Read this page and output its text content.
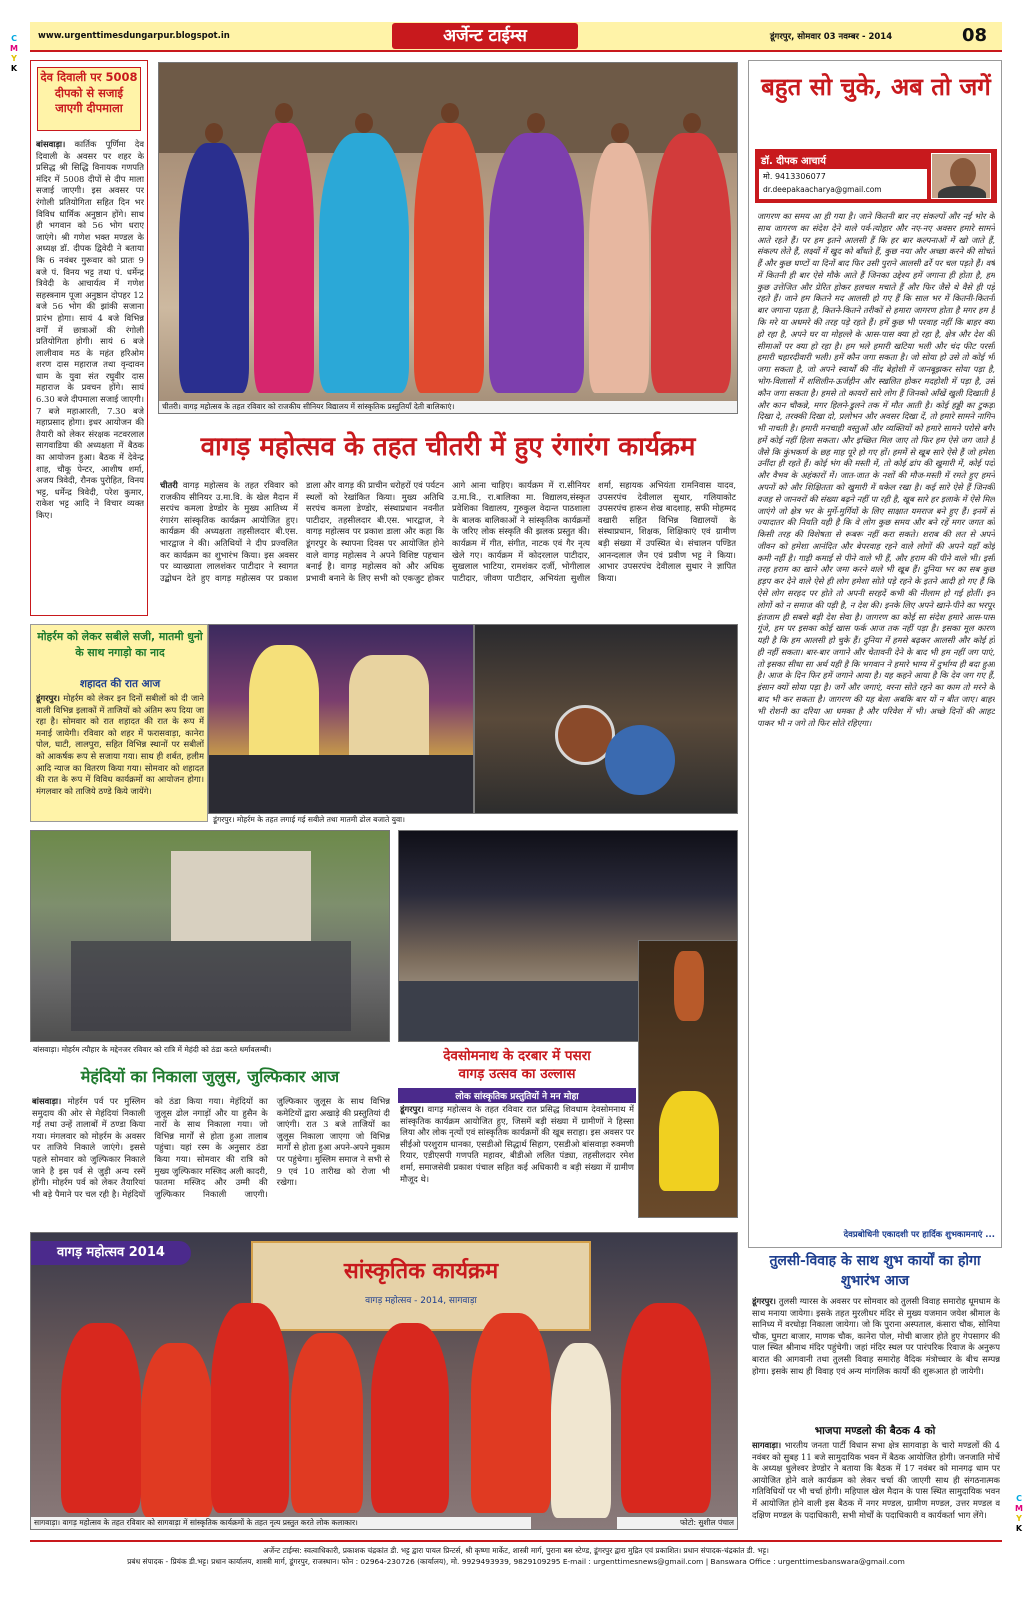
C
M
Y
K
C
M
Y
K
www.urgenttimesdungarpur.blogspot.in	अर्जेन्ट टाईम्स	डूंगरपुर, सोमवार 03 नवम्बर - 2014	08
देव दिवाली पर 5008 दीपको से सजाई जाएगी दीपमाला
बांसवाड़ा। कार्तिक पूर्णिमा देव दिवाली के अवसर पर शहर के प्रसिद्ध श्री सिद्धि विनायक गणपति मंदिर में 5008 दीपों से दीप माला सजाई जाएगी। इस अवसर पर रंगोली प्रतियोगिता सहित दिन भर विविध धार्मिक अनुष्ठान होंगे। साथ ही भगवान को 56 भोग धराए जाएंगे। श्री गणेश भक्त मण्डल के अध्यक्ष डॉ. दीपक द्विवेदी ने बताया कि 6 नवंबर गुरूवार को प्रातः 9 बजे पं. विनय भट्ट तथा पं. धर्मेन्द्र त्रिवेदी के आचार्यत्व में गणेश सहस्त्रनाम पूजा अनुष्ठान दोपहर 12 बजे 56 भोग की झांकी सजाना प्रारंभ होगा। सायं 4 बजे विभिन्न वर्गों में छात्राओं की रंगोली प्रतियोगिता होगी। सायं 6 बजे लालीवाव मठ के महंत हरिओम शरण दास महाराज तथा वृन्दावन धाम के युवा संत रघुवीर दास महाराज के प्रवचन होंगे। सायं 6.30 बजे दीपमाला सजाई जाएगी। 7 बजे महाआरती, 7.30 बजे महाप्रसाद होगा। इधर आयोजन की तैयारी को लेकर संरक्षक नटवरलाल सागवाडिया की अध्यक्षता में बैठक का आयोजन हुआ। बैठक में देवेन्द्र शाह, चौकू पेन्टर, आशीष शर्मा, अजय त्रिवेदी, रौनक पुरोहित, विनय भट्ट, धर्मेन्द्र त्रिवेदी, परेश कुमार, राकेश भट्ट आदि ने विचार व्यक्त किए।
चीतरी। वागड़ महोत्सव के तहत रविवार को राजकीय सीनियर विद्यालय में सांस्कृतिक प्रस्तुतियॉं देती बालिकाएं।
वागड़ महोत्सव के तहत चीतरी में हुए रंगारंग कार्यक्रम
चीतरी वागड़ महोत्सव के तहत रविवार को राजकीय सीनियर उ.मा.वि. के खेल मैदान में सरपंच कमला डेण्डोर के मुख्य आतिथ्य में रंगारंग सांस्कृतिक कार्यक्रम आयोजित हुए। कार्यक्रम की अध्यक्षता तहसीलदार बी.एस. भारद्वाज ने की। अतिथियों ने दीप प्रज्वलित कर कार्यक्रम का शुभारंभ किया। इस अवसर पर व्याख्याता लालशंकर पाटीदार ने स्वागत उद्बोधन देते हुए वागड़ महोत्सव पर प्रकाश डाला और वागड़ की प्राचीन धरोहरों एवं पर्यटन स्थलों को रेखांकित किया। मुख्य अतिथि सरपंच कमला डेण्डोर, संस्थाप्रधान नवनीत पाटीदार, तहसीलदार बी.एस. भारद्वाज, ने वागड़ महोत्सव पर प्रकाश डाला और कहा कि डूंगरपुर के स्थापना दिवस पर आयोजित होने वाले वागड़ महोत्सव ने अपने विशिष्ट पहचान बनाई है। वागड़ महोत्सव को और अधिक प्रभावी बनाने के लिए सभी को एकजुट होकर आगे आना चाहिए। कार्यक्रम में रा.सीनियर उ.मा.वि., रा.बालिका मा. विद्यालय,संस्कृत प्रवेशिका विद्यालय, गुरुकुल वेदान्त पाठशाला के बालक बालिकाओं ने सांस्कृतिक कार्यक्रमों के जरिए लोक संस्कृति की झलक प्रस्तुत की। कार्यक्रम में गीत, संगीत, नाटक एवं गैर नृत्य खेले गए। कार्यक्रम में कोदरलाल पाटीदार, सुखलाल भाटिया, रामशंकर दर्जी, भोगीलाल पाटीदार, जीवण पाटीदार, अभियंता सुशील शर्मा, सहायक अभियंता रामनिवास यादव, उपसरपंच देवीलाल सुथार, गलियाकोट उपसरपंच हारून शेख बादशाह, सफी मोहम्मद वखारी सहित विभिन्न विद्यालयों के संस्थाप्रधान, शिक्षक, शिक्षिकाएं एवं ग्रामीण बड़ी संख्या में उपस्थित थे। संचालन पण्डित आनन्दलाल जैन एवं प्रवीण भट्ट ने किया। आभार उपसरपंच देवीलाल सुथार ने ज्ञापित किया।
बहुत सो चुके, अब तो जगें
डॉ. दीपक आचार्य
मो. 9413306077
dr.deepakaacharya@gmail.com
जागरण का समय आ ही गया है। जाने कितनी बार नए संकल्पों और नई भोर के साथ जागरण का संदेश देने वाले पर्व-त्योहार और नए-नए अवसर हमारे सामने आते रहते हैं। पर हम इतने आलसी हैं कि हर बार कल्पनाओं में खो जाते हैं, संकल्प लेते हैं, लक्ष्यों में खुद को बाँधते हैं, कुछ नया और अच्छा करने की सोचते हैं और कुछ घण्टों या दिनों बाद फिर उसी पुराने आलसी ढर्रे पर चल पड़ते हैं। वर्ष में कितनी ही बार ऐसे मौके आते हैं जिनका उद्देश्य हमें जगाना ही होता है, हम कुछ उत्तेजित और प्रेरित होकर हलचल मचाते हैं और फिर जैसे थे वैसे ही पड़े रहते हैं। जाने हम कितने मद आलसी हो गए हैं कि साल भर में कितनी-कितनी बार जगाना पड़ता है, कितने-कितने तरीकों से हमारा जागरण होता है मगर हम हैं कि मरे या अधमरे की तरह पड़े रहते हैं। हमें कुछ भी परवाह नहीं कि बाहर क्या हो रहा है, अपने घर या मोहल्ले के आस-पास क्या हो रहा है, क्षेत्र और देश की सीमाओं पर क्या हो रहा है। हम भले हमारी खटिया भली और चंद फीट परसी हमारी चहारदीवारी भली। हमें कौन जगा सकता है। जो सोया हो उसे तो कोई भी जगा सकता है, जो अपने स्वार्थों की नींद बेहोशी में जानबूझकर सोया पड़ा है, भोग-विलासों में शशिलीन-ऊर्जहीन और स्खलित होकर मदहोशी में पड़ा है, उसे कौन जगा सकता है। हमसे तो कायरों सारे लोग हैं जिनको आँखें खुली दिखाती हैं और कान चौकन्ने, मगर हिलने-डुलने तक में मौत आती है। कोई हड्डी का टुकड़ा दिखा दे, तरक्की दिखा दो, प्रलोभन और अवसर दिखा दें, तो हमारे सामने नागिन भी नाचती है। हमारी मनचाही वस्तुओं और व्यक्तियों को हमारे सामने परोसे बगैर हमें कोई नहीं हिला सकता। और इच्छित मिल जाए तो फिर हम ऐसे जग जाते हैं जैसे कि कुंभकर्ण के छह माह पूरे हो गए हों। हममें से खूब सारे ऐसे हैं जो हमेशा उनींदा ही रहते हैं। कोई भंग की मस्ती में, तो कोई ढांप की खुमारी में, कोई पदों और वैभव के अहंकारों में। जात-जात के नशों की मौज-मस्ती में रमते हुए हमने अपनों को और शिक्षितता को खुमारी में धकेल रखा है। कई सारे ऐसे हैं जिनकी वजह से जानवरों की संख्या बढ़ने नहीं पा रही है, खूब सारे हर इलाके में ऐसे मिल जाएंगे जो क्षेत्र भर के मुर्गे-मुर्गियों के लिए साक्षात यमराज बने हुए हैं। इनमें से ज्यादातर की नियति यही है कि वे लोग कुछ समय और बने रहें मगर जगत को किसी तरह की विशेषता से रूबरू नहीं करा सकते। शराब की लत से अपने जीवन को हमेशा आनंदित और बेपरवाह रहने वाले लोगों की अपने यहाँ कोई कमी नहीं है। गाड़ी कमाई से पीने वाले भी हैं, और हराम की पीने वाले भी। इसी तरह हराम का खाने और जमा करने वाले भी खूब हैं। दुनिया भर का सब कुछ हड़प कर देने वाले ऐसे ही लोग हमेशा सोते पड़े रहने के इतने आदी हो गए हैं कि ऐसे लोग सरहद पर होते तो अपनी सरहदें कभी की नीलाम हो गई होतीं। इन लोगों को न समाज की पड़ी है, न देश की। इनके लिए अपने खाने-पीने का भरपूर इंतजाम ही सबसे बड़ी देश सेवा है। जागरण का कोई सा संदेश हमारे आस-पास गूंजे, हम पर इसका कोई खास फर्क आज तक नहीं पड़ा है। इसका मूल कारण यही है कि हम आलसी हो चुके हैं। दुनिया में हमसे बढ़कर आलसी और कोई हो ही नहीं सकता। बार-बार जगाने और चेतावनी देने के बाद भी हम नहीं जग पाएं, तो इसका सीधा सा अर्थ यही है कि भगवान ने हमारे भाग्य में दुर्भाग्य ही बदा हुआ है। आज के दिन फिर हमें जगाने आया है। यह कहने आया है कि देव जग गए हैं, इंसान क्यों सोया पड़ा है। जगें और जगाएं, वरना सोते रहने का काम तो मरने के बाद भी कर सकता है। जागरण की यह बेला अबकि बार यों न बीत जाए। बाहर भी रोशनी का दरिया आ धमका है और परिवेश में भी। अच्छे दिनों की आहट पाकर भी न जगे तो फिर सोते रहिएगा।
देवप्रबोधिनी एकादशी पर हार्दिक शुभकामनाएं ...
मोहर्रम को लेकर सबीले सजी, मातमी धुनो के साथ नगाड़ो का नाद
शहादत की रात आज
डूंगरपुर। मोहर्रम को लेकर इन दिनों सबीलों को दी जाने वाली विभिन्न इलाकों में ताजियों को अंतिम रूप दिया जा रहा है। सोमवार को रात शहादत की रात के रूप में मनाई जायेगी। रविवार को शहर में फरासवाड़ा, कानेरा पोल, घाटी, लालपुरा, सहित विभिन्न स्थानों पर सबीलों को आकर्षक रूप से सजाया गया। साथ ही शर्बत, हलीम आदि न्याज का वितरण किया गया। सोमवार को शहादत की रात के रूप में विविध कार्यक्रमों का आयोजन होगा। मंगलवार को ताजिये ठण्डे किये जायेंगे।
डूंगरपुर। मोहर्रम के तहत लगाई गई सबीले तथा मातमी ढोल बजाते युवा।
बांसवाड़ा। मोहर्रम त्यौहार के मद्देनजर रविवार को रात्रि में मेहंदी को ठंडा करते धर्मावलम्बी।
मेहंदियों का निकाला जुलुस, जुल्फिकार आज
बांसवाड़ा। मोहर्रम पर्व पर मुस्लिम समुदाय की ओर से मेहंदियां निकाली गई तथा उन्हें तालाबों में ठण्डा किया गया। मंगलवार को मोहर्रम के अवसर पर ताजिये निकाले जाएंगे। इससे पहले सोमवार को जुल्फिकार निकाले जाने है इस पर्व से जुड़ी अन्य रस्में होंगी। मोहर्रम पर्व को लेकर तैयारियां भी बड़े पैमाने पर चल रही है। मेहंदियों को ठंडा किया गया। मेहंदियों का जुलूस ढोल नगाड़ों और या हुसैन के नारों के साथ निकाला गया। जो विभिन्न मार्गों से होता हुआ तालाब पहुंचा। यहां रस्म के अनुसार ठंडा किया गया। सोमवार की रात्रि को मुख्य जुल्फिकार मस्जिद अली कादरी, फातमा मस्जिद और उम्मी की जुल्फिकार निकाली जाएगी। जुल्फिकार जुलूस के साथ विभिन्न कमेटियों द्वारा अखाड़े की प्रस्तुतियां दी जाएंगी। रात 3 बजे ताजियों का जुलूस निकाला जाएगा जो विभिन्न मार्गों से होता हुआ अपने-अपने मुकाम पर पहुंचेगा। मुस्लिम समाज ने सभी से 9 एवं 10 तारीख को रोजा भी रखेगा।
देवसोमनाथ के दरबार में पसरा
वागड़ उत्सव का उल्लास
लोक सांस्कृतिक प्रस्तुतियों ने मन मोहा
डूंगरपुर। वागड़ महोत्सव के तहत रविवार रात प्रसिद्ध शिवधाम देवसोमनाथ में सांस्कृतिक कार्यक्रम आयोजित हुए, जिसमें बड़ी संख्या में ग्रामीणों ने हिस्सा लिया और लोक नृत्यों एवं सांस्कृतिक कार्यक्रमों की खूब सराहा। इस अवसर पर सीईओ परशुराम धानका, एसडीओ सिद्धार्थ सिहाग, एसडीओ बांसवाड़ा रुक्मणी रियार, एडीएसपी गणपति महावर, बीडीओ ललित पंड्या, तहसीलदार रमेश शर्मा, समाजसेवी प्रकाश पंचाल सहित कई अधिकारी व बड़ी संख्या में ग्रामीण मौजूद थे।
सांस्कृतिक कार्यक्रम
वागड़ महोत्सव - 2014, सागवाड़ा
वागड़ महोत्सव 2014
सागवाड़ा। वागड़ महोत्सव के तहत रविवार को सागवाड़ा में सांस्कृतिक कार्यक्रमों के तहत नृत्य प्रस्तुत करते लोक कलाकार।	फोटो: सुशील पंचाल
तुलसी-विवाह के साथ शुभ कार्यों का होगा शुभारंभ आज
डूंगरपुर। तुलसी ग्यारस के अवसर पर सोमवार को तुलसी विवाह समारोह धूमधाम के साथ मनाया जायेगा। इसके तहत मुरलीधर मंदिर से मुख्य यजमान जयेश श्रीमाल के सानिध्य में वरघोड़ा निकाला जायेगा। जो कि पुराना अस्पताल, कंसारा चौक, सोनिया चौक, घुमटा बाजार, माणक चौक, कानेरा पोल, मोची बाजार होते हुए गेपसागर की पाल स्थित श्रीनाथ मंदिर पहुंचेगी। जहां मंदिर स्थल पर पारंपरिक रिवाज के अनुरूप बारात की आगवानी तथा तुलसी विवाह समारोह वैदिक मंत्रोच्चार के बीच सम्पन्न होगा। इसके साथ ही विवाह एवं अन्य मांगलिक कार्यों की शुरूआत हो जायेगी।
भाजपा मण्डलो की बैठक 4 को
सागवाड़ा। भारतीय जनता पार्टी विधान सभा क्षेत्र सागवाड़ा के चारो मण्डलों की 4 नवंबर को सुबह 11 बजे सामुदायिक भवन में बैठक आयोजित होगी। जनजाति मोर्चे के अध्यक्ष धुलेश्वर डेण्डोर ने बताया कि बैठक में 17 नवंबर को मानगढ़ धाम पर आयोजित होने वाले कार्यक्रम को लेकर चर्चा की जाएगी साथ ही संगठनात्मक गतिविधियों पर भी चर्चा होगी। महिपाल खेल मैदान के पास स्थित सामुदायिक भवन में आयोजित होने वाली इस बैठक में नगर मण्डल, ग्रामीण मण्डल, उत्तर मण्डल व दक्षिण मण्डल के पदाधिकारी, सभी मोर्चों के पदाधिकारी व कार्यकर्ता भाग लेंगे।
अर्जेन्ट टाईम्स: स्वत्वाधिकारी, प्रकाशक चंद्रकांत डी. भट्ट द्वारा पायल प्रिन्टर्स, श्री कृष्णा मार्केट, शास्त्री मार्ग, पुराना बस स्टेण्ड, डूंगरपुर द्वारा मुद्रित एवं प्रकाशित। प्रधान संपादक-चंद्रकांत डी. भट्ट।
प्रबंध संपादक - प्रियंक डी.भट्ट। प्रधान कार्यालय, शास्त्री मार्ग, डूंगरपुर, राजस्थान। फोन : 02964-230726 (कार्यालय), मो. 9929493939, 9829109295 E-mail : urgenttimesnews@gmail.com | Banswara Office : urgenttimesbanswara@gmail.com
